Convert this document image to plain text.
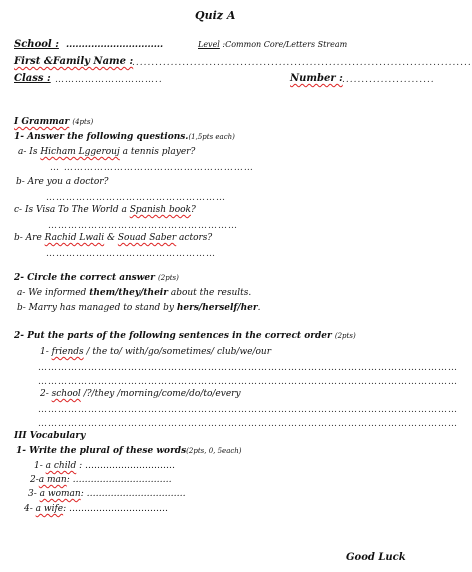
Quiz A
School : ...............................	Level :Common Core/Letters Stream
First &Family Name :
........................................................................................
Class : …………………………..	Number : ........................
I Grammar (4pts)
1- Answer the following questions.(1,5pts each)
a- Is Hicham Lggerouj a tennis player?
… …………………………………………………
b- Are you a doctor?
………………………………………………
c- Is Visa To The World a Spanish book?
…………………………………………………
b- Are Rachid Lwali & Souad Saber actors?
……………………………………………
2- Circle the correct answer (2pts)
a- We informed them/they/their about the results.
b- Marry has managed to stand by hers/herself/her.
2- Put the parts of the following sentences in the correct order (2pts)
1- friends / the to/ with/go/sometimes/ club/we/our
………………………………………………………………………………………………………………
………………………………………………………………………………………………………………
2- school /?/they /morning/come/do/to/every
………………………………………………………………………………………………………………
………………………………………………………………………………………………………………
III Vocabulary
1- Write the plural of these words(2pts, 0, 5each)
1- a child : …………………………
2-a man: ……………………………
3- a woman: ……………………………
4- a wife: ……………………………
Good Luck
